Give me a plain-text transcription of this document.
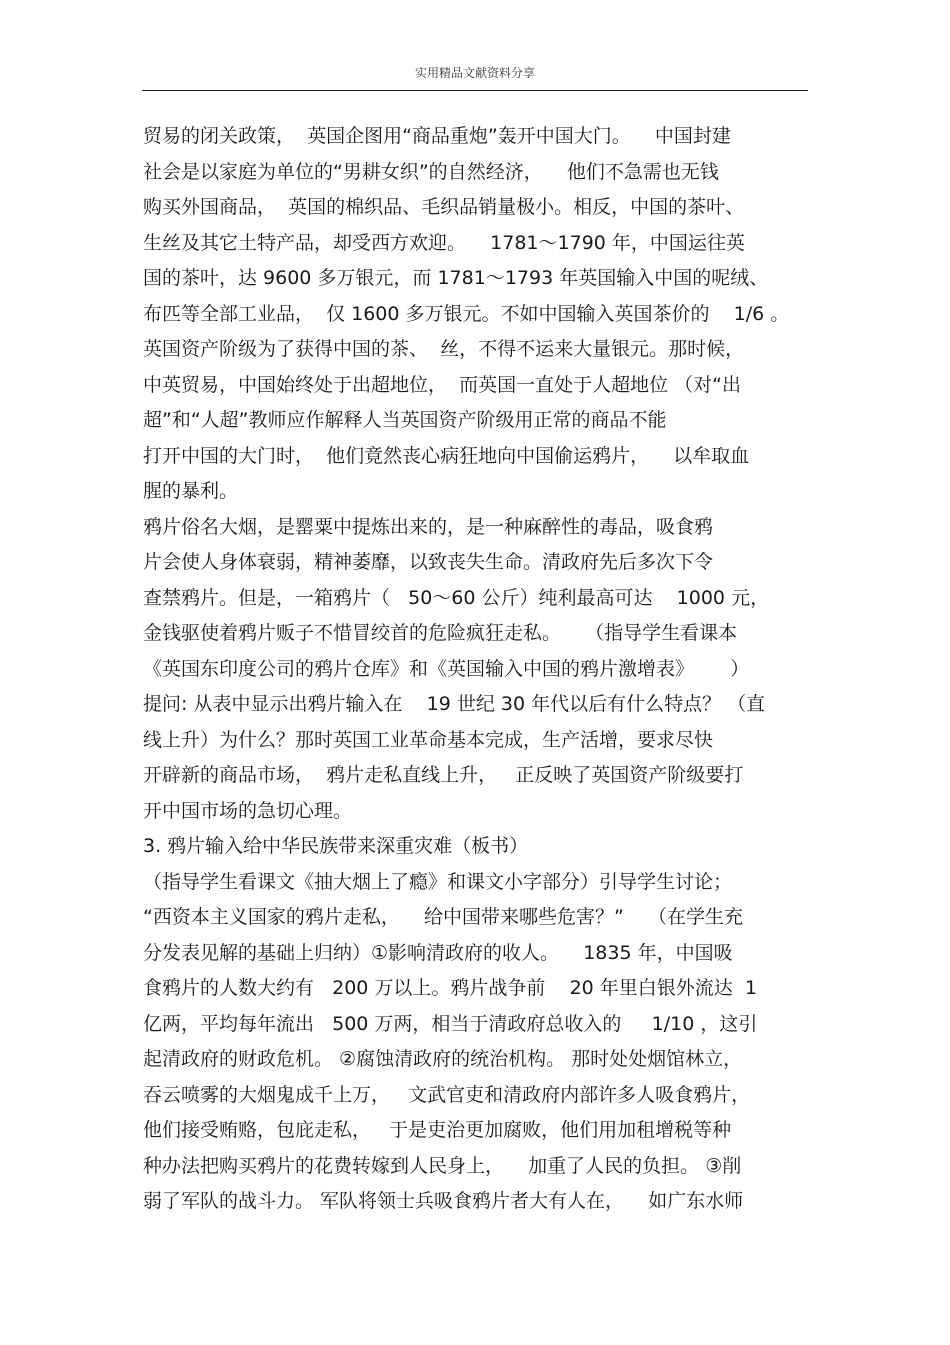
实用精品文献资料分享
贸易的闭关政策，  英国企图用“商品重炮”轰开中国大门。    中国封建
社会是以家庭为单位的“男耕女织”的自然经济，    他们不急需也无钱
购买外国商品，  英国的棉织品、毛织品销量极小。相反，中国的茶叶、
生丝及其它土特产品，却受西方欢迎。    1781～1790 年，中国运往英
国的茶叶，达 9600 多万银元，而 1781～1793 年英国输入中国的呢绒、
布匹等全部工业品，  仅 1600 多万银元。不如中国输入英国茶价的    1/6 。
英国资产阶级为了获得中国的茶、  丝，不得不运来大量银元。那时候，
中英贸易，中国始终处于出超地位，  而英国一直处于人超地位 （对“出
超”和“人超”教师应作解释人当英国资产阶级用正常的商品不能
打开中国的大门时，  他们竟然丧心病狂地向中国偷运鸦片，    以牟取血
腥的暴利。
鸦片俗名大烟，是罂粟中提炼出来的，是一种麻醉性的毒品，吸食鸦
片会使人身体衰弱，精神萎靡，以致丧失生命。清政府先后多次下令
查禁鸦片。但是，一箱鸦片（   50～60 公斤）纯利最高可达    1000 元，
金钱驱使着鸦片贩子不惜冒绞首的危险疯狂走私。    （指导学生看课本
《英国东印度公司的鸦片仓库》和《英国输入中国的鸦片激增表》      ）
提问: 从表中显示出鸦片输入在    19 世纪 30 年代以后有什么特点？ （直
线上升）为什么？那时英国工业革命基本完成，生产活增，要求尽快
开辟新的商品市场，  鸦片走私直线上升，   正反映了英国资产阶级要打
开中国市场的急切心理。
3. 鸦片输入给中华民族带来深重灾难（板书）
（指导学生看课文《抽大烟上了瘾》和课文小字部分）引导学生讨论；
“西资本主义国家的鸦片走私，    给中国带来哪些危害？”    （在学生充
分发表见解的基础上归纳）①影响清政府的收人。    1835 年，中国吸
食鸦片的人数大约有   200 万以上。鸦片战争前    20 年里白银外流达  1
亿两，平均每年流出   500 万两，相当于清政府总收入的     1/10 ，这引
起清政府的财政危机。 ②腐蚀清政府的统治机构。 那时处处烟馆林立，
吞云喷雾的大烟鬼成千上万，   文武官吏和清政府内部许多人吸食鸦片，
他们接受贿赂，包庇走私，   于是吏治更加腐败，他们用加租增税等种
种办法把购买鸦片的花费转嫁到人民身上，    加重了人民的负担。 ③削
弱了军队的战斗力。 军队将领士兵吸食鸦片者大有人在，    如广东水师
